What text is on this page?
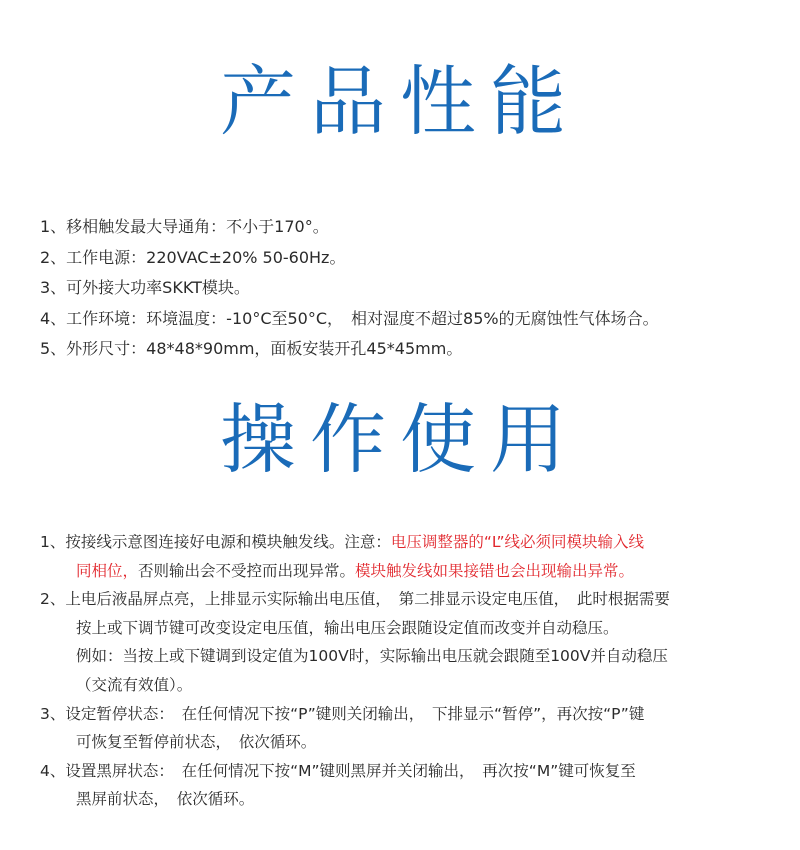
产品性能
1、移相触发最大导通角：不小于170°。
2、工作电源：220VAC±20% 50-60Hz。
3、可外接大功率SKKT模块。
4、工作环境：环境温度：-10°C至50°C，　相对湿度不超过85%的无腐蚀性气体场合。
5、外形尺寸：48*48*90mm，面板安装开孔45*45mm。
操作使用
1、按接线示意图连接好电源和模块触发线。注意：电压调整器的“L”线必须同模块输入线
同相位，否则输出会不受控而出现异常。模块触发线如果接错也会出现输出异常。
2、上电后液晶屏点亮，上排显示实际输出电压值，　第二排显示设定电压值，　此时根据需要
按上或下调节键可改变设定电压值，输出电压会跟随设定值而改变并自动稳压。
例如：当按上或下键调到设定值为100V时，实际输出电压就会跟随至100V并自动稳压
（交流有效值）。
3、设定暂停状态：　在任何情况下按“P”键则关闭输出，　下排显示“暂停”，再次按“P”键
可恢复至暂停前状态，　依次循环。
4、设置黑屏状态：　在任何情况下按“M”键则黑屏并关闭输出，　再次按“M”键可恢复至
黑屏前状态，　依次循环。
